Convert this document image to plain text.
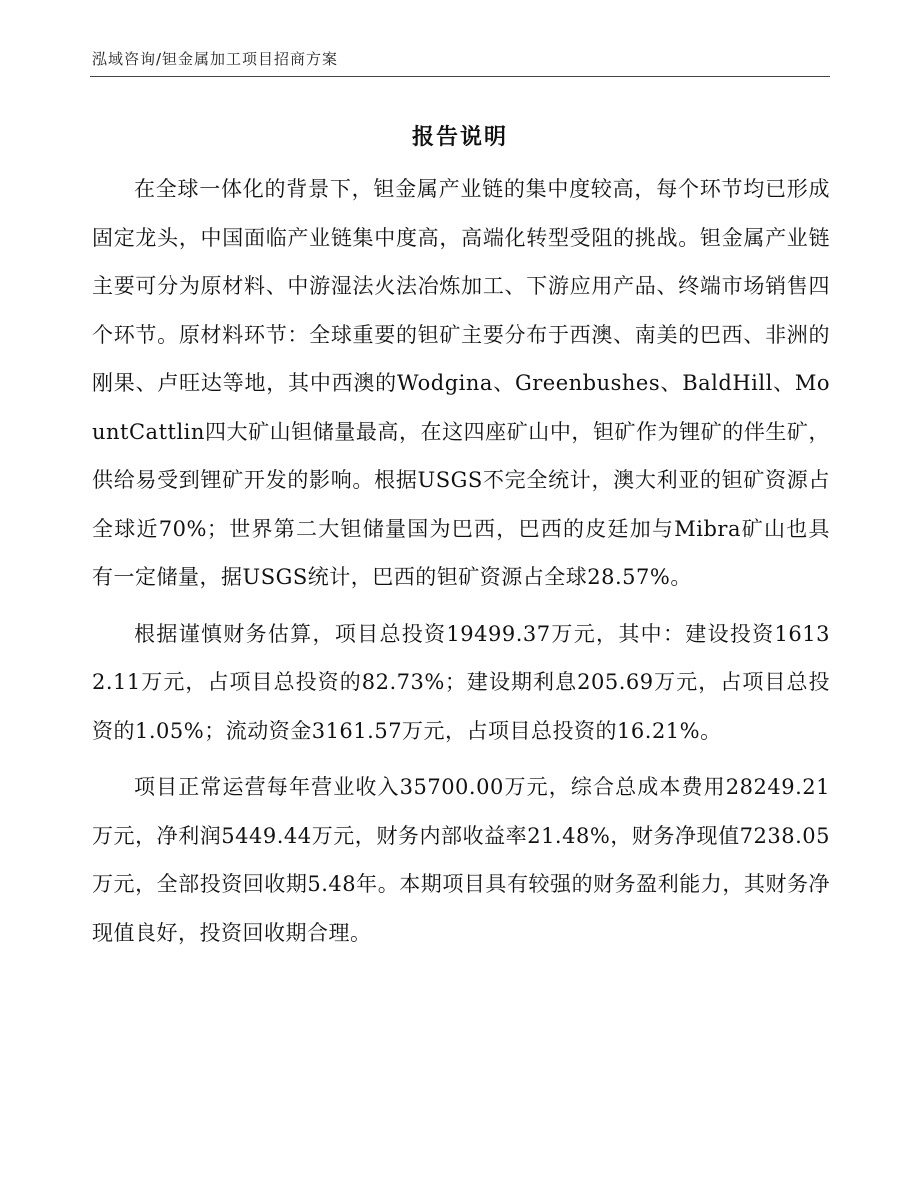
泓域咨询/钽金属加工项目招商方案
报告说明

在全球一体化的背景下，钽金属产业链的集中度较高，每个环节均已形成固定龙头，中国面临产业链集中度高，高端化转型受阻的挑战。钽金属产业链主要可分为原材料、中游湿法火法冶炼加工、下游应用产品、终端市场销售四个环节。原材料环节：全球重要的钽矿主要分布于西澳、南美的巴西、非洲的刚果、卢旺达等地，其中西澳的Wodgina、Greenbushes、BaldHill、MountCattlin四大矿山钽储量最高，在这四座矿山中，钽矿作为锂矿的伴生矿，供给易受到锂矿开发的影响。根据USGS不完全统计，澳大利亚的钽矿资源占全球近70%；世界第二大钽储量国为巴西，巴西的皮廷加与Mibra矿山也具有一定储量，据USGS统计，巴西的钽矿资源占全球28.57%。

根据谨慎财务估算，项目总投资19499.37万元，其中：建设投资16132.11万元，占项目总投资的82.73%；建设期利息205.69万元，占项目总投资的1.05%；流动资金3161.57万元，占项目总投资的16.21%。

项目正常运营每年营业收入35700.00万元，综合总成本费用28249.21万元，净利润5449.44万元，财务内部收益率21.48%，财务净现值7238.05万元，全部投资回收期5.48年。本期项目具有较强的财务盈利能力，其财务净现值良好，投资回收期合理。
